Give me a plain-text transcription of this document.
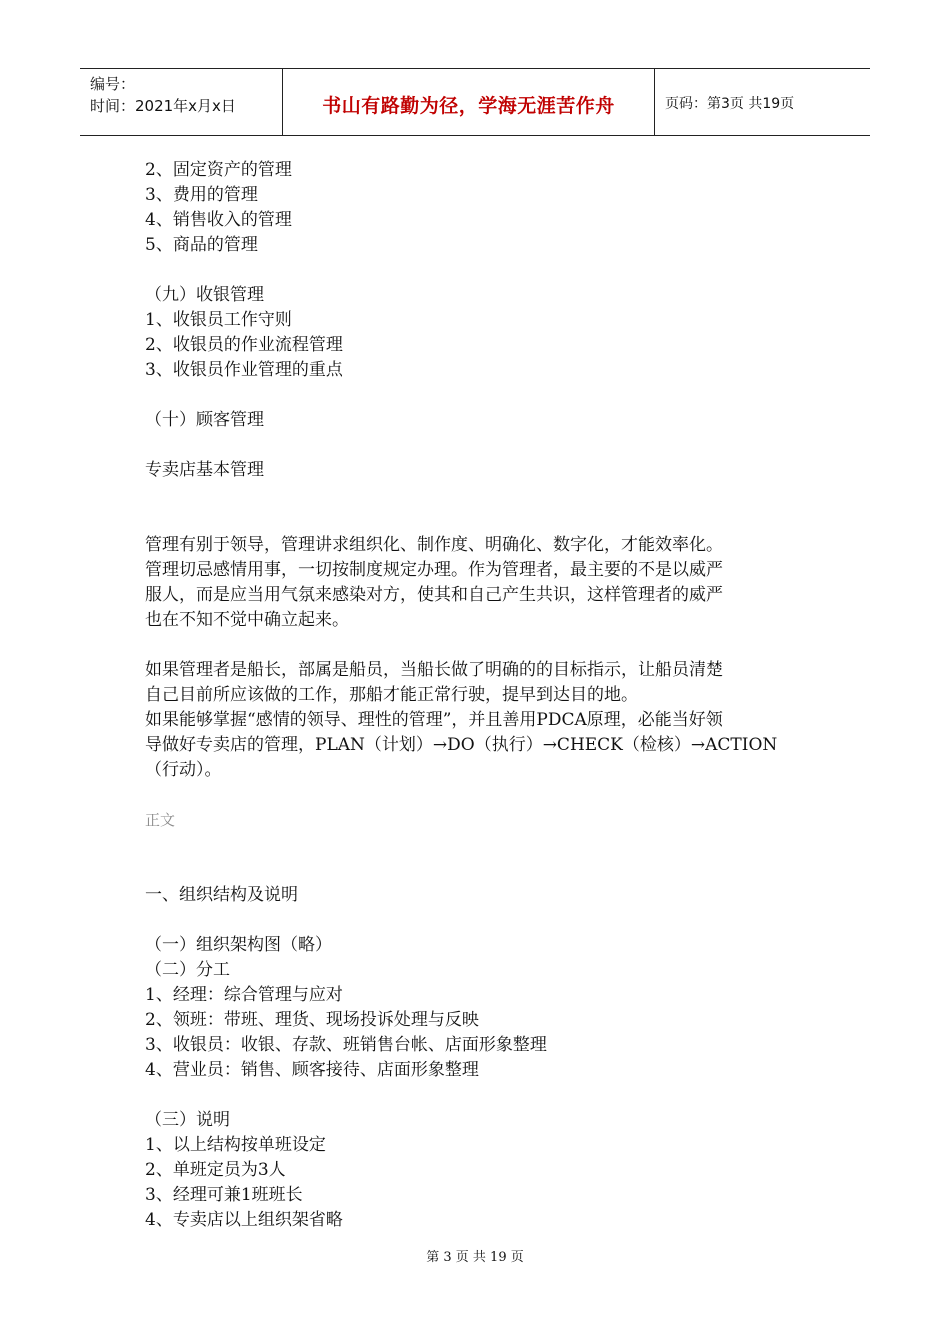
编号：
时间：2021年x月x日	书山有路勤为径，学海无涯苦作舟	页码：第3页 共19页
2、固定资产的管理
3、费用的管理
4、销售收入的管理
5、商品的管理
（九）收银管理
1、收银员工作守则
2、收银员的作业流程管理
3、收银员作业管理的重点
（十）顾客管理
专卖店基本管理
管理有别于领导，管理讲求组织化、制作度、明确化、数字化，才能效率化。
管理切忌感情用事，一切按制度规定办理。作为管理者，最主要的不是以威严
服人，而是应当用气氛来感染对方，使其和自己产生共识，这样管理者的威严
也在不知不觉中确立起来。
如果管理者是船长，部属是船员，当船长做了明确的的目标指示，让船员清楚
自己目前所应该做的工作，那船才能正常行驶，提早到达目的地。
如果能够掌握“感情的领导、理性的管理”，并且善用PDCA原理，必能当好领
导做好专卖店的管理，PLAN（计划）→DO（执行）→CHECK（检核）→ACTION
（行动）。
正文
一、组织结构及说明
（一）组织架构图（略）
（二）分工
1、经理：综合管理与应对
2、领班：带班、理货、现场投诉处理与反映
3、收银员：收银、存款、班销售台帐、店面形象整理
4、营业员：销售、顾客接待、店面形象整理
（三）说明
1、以上结构按单班设定
2、单班定员为3人
3、经理可兼1班班长
4、专卖店以上组织架省略
第 3 页 共 19 页
